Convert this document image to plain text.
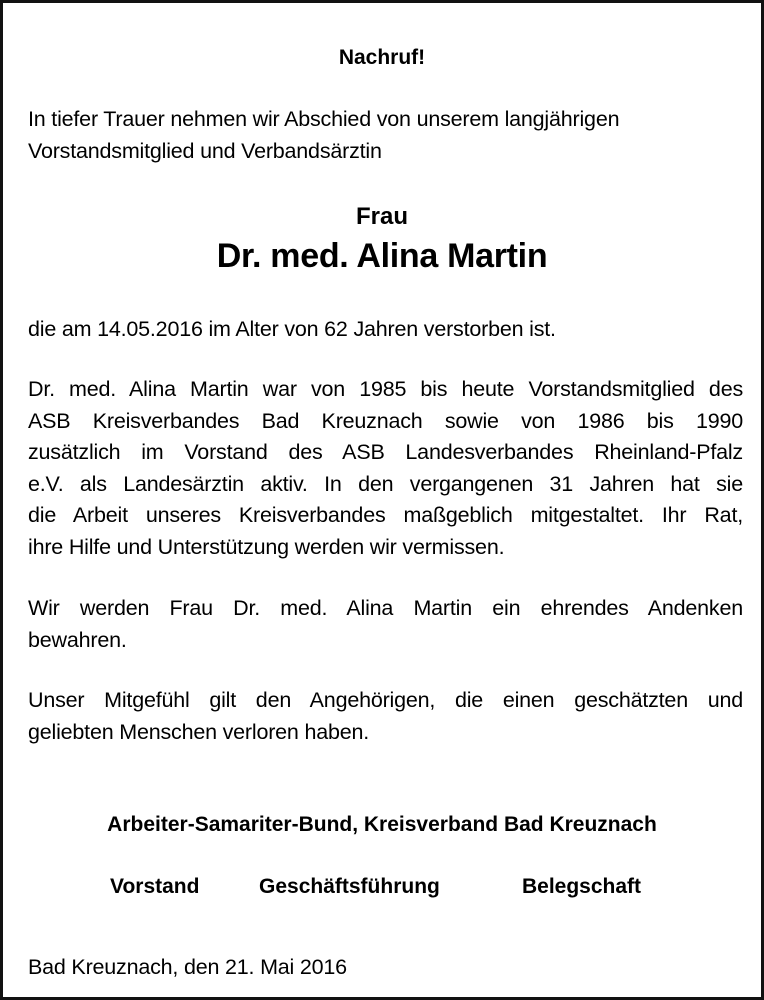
Nachruf!
In tiefer Trauer nehmen wir Abschied von unserem langjährigen
Vorstandsmitglied und Verbandsärztin
Frau
Dr. med. Alina Martin
die am 14.05.2016 im Alter von 62 Jahren verstorben ist.
Dr. med. Alina Martin war von 1985 bis heute Vorstandsmitglied des
ASB Kreisverbandes Bad Kreuznach sowie von 1986 bis 1990
zusätzlich im Vorstand des ASB Landesverbandes Rheinland-Pfalz
e.V. als Landesärztin aktiv. In den vergangenen 31 Jahren hat sie
die Arbeit unseres Kreisverbandes maßgeblich mitgestaltet. Ihr Rat,
ihre Hilfe und Unterstützung werden wir vermissen.
Wir werden Frau Dr. med. Alina Martin ein ehrendes Andenken
bewahren.
Unser Mitgefühl gilt den Angehörigen, die einen geschätzten und
geliebten Menschen verloren haben.
Arbeiter-Samariter-Bund, Kreisverband Bad Kreuznach
Vorstand	Geschäftsführung	Belegschaft
Bad Kreuznach, den 21. Mai 2016
